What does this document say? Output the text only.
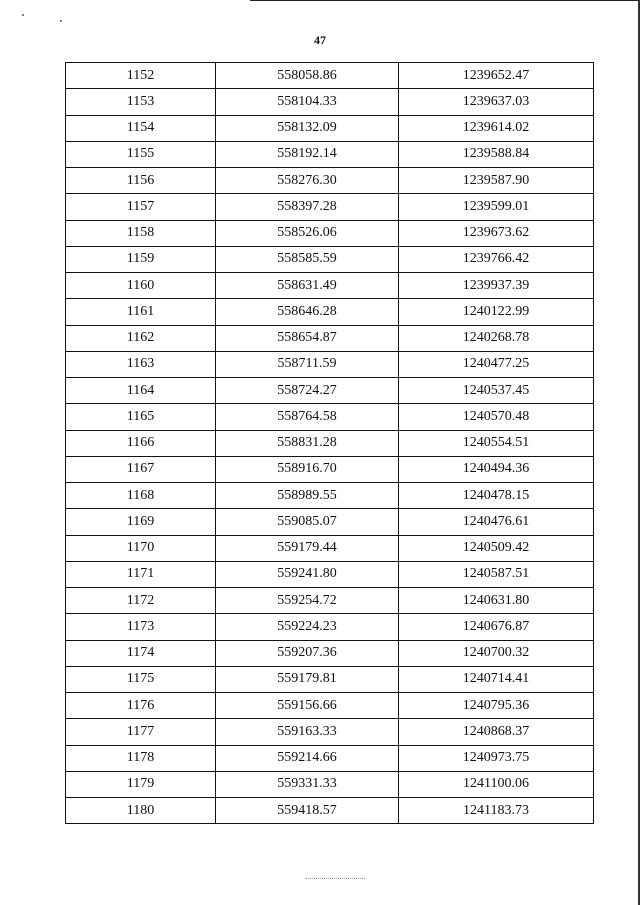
47
1152	558058.86	1239652.47
1153	558104.33	1239637.03
1154	558132.09	1239614.02
1155	558192.14	1239588.84
1156	558276.30	1239587.90
1157	558397.28	1239599.01
1158	558526.06	1239673.62
1159	558585.59	1239766.42
1160	558631.49	1239937.39
1161	558646.28	1240122.99
1162	558654.87	1240268.78
1163	558711.59	1240477.25
1164	558724.27	1240537.45
1165	558764.58	1240570.48
1166	558831.28	1240554.51
1167	558916.70	1240494.36
1168	558989.55	1240478.15
1169	559085.07	1240476.61
1170	559179.44	1240509.42
1171	559241.80	1240587.51
1172	559254.72	1240631.80
1173	559224.23	1240676.87
1174	559207.36	1240700.32
1175	559179.81	1240714.41
1176	559156.66	1240795.36
1177	559163.33	1240868.37
1178	559214.66	1240973.75
1179	559331.33	1241100.06
1180	559418.57	1241183.73
